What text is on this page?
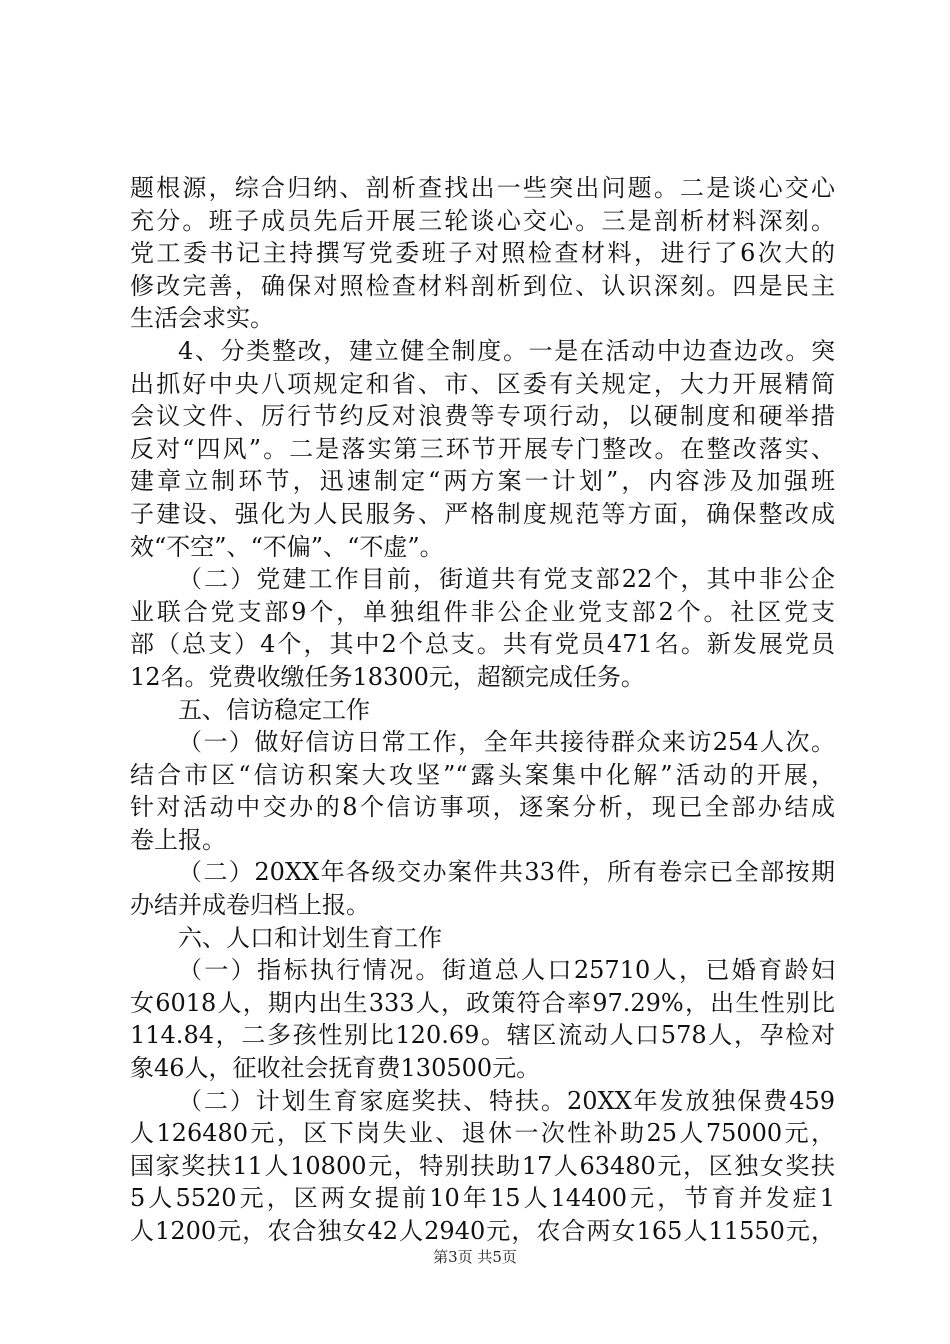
题根源，综合归纳、剖析查找出一些突出问题。二是谈心交心
充分。班子成员先后开展三轮谈心交心。三是剖析材料深刻。
党工委书记主持撰写党委班子对照检查材料，进行了6次大的
修改完善，确保对照检查材料剖析到位、认识深刻。四是民主
生活会求实。
4、分类整改，建立健全制度。一是在活动中边查边改。突
出抓好中央八项规定和省、市、区委有关规定，大力开展精简
会议文件、厉行节约反对浪费等专项行动，以硬制度和硬举措
反对“四风”。二是落实第三环节开展专门整改。在整改落实、
建章立制环节，迅速制定“两方案一计划”，内容涉及加强班
子建设、强化为人民服务、严格制度规范等方面，确保整改成
效“不空”、“不偏”、“不虚”。
（二）党建工作目前，街道共有党支部22个，其中非公企
业联合党支部9个，单独组件非公企业党支部2个。社区党支
部（总支）4个，其中2个总支。共有党员471名。新发展党员
12名。党费收缴任务18300元，超额完成任务。
五、信访稳定工作
（一）做好信访日常工作，全年共接待群众来访254人次。
结合市区“信访积案大攻坚”“露头案集中化解”活动的开展，
针对活动中交办的8个信访事项，逐案分析，现已全部办结成
卷上报。
（二）20XX年各级交办案件共33件，所有卷宗已全部按期
办结并成卷归档上报。
六、人口和计划生育工作
（一）指标执行情况。街道总人口25710人，已婚育龄妇
女6018人，期内出生333人，政策符合率97.29%，出生性别比
114.84，二多孩性别比120.69。辖区流动人口578人，孕检对
象46人，征收社会抚育费130500元。
（二）计划生育家庭奖扶、特扶。20XX年发放独保费459
人126480元，区下岗失业、退休一次性补助25人75000元，
国家奖扶11人10800元，特别扶助17人63480元，区独女奖扶
5人5520元，区两女提前10年15人14400元，节育并发症1
人1200元，农合独女42人2940元，农合两女165人11550元，
第3页 共5页
